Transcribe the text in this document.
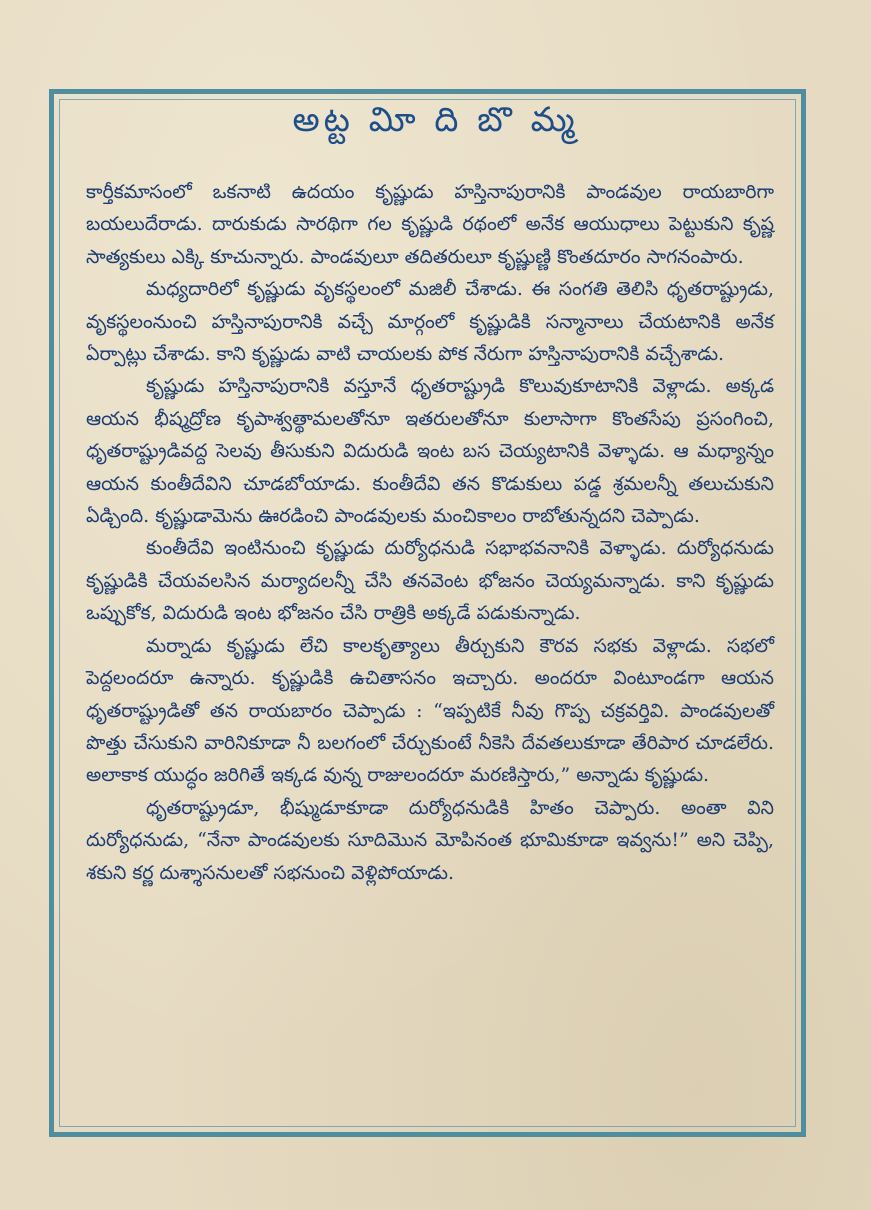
అట్ట విూ ది బొ మ్మ

కార్తీకమాసంలో ఒకనాటి ఉదయం కృష్ణుడు హస్తినాపురానికి పాండవుల రాయబారిగా బయలుదేరాడు. దారుకుడు సారథిగా గల కృష్ణుడి రథంలో అనేక ఆయుధాలు పెట్టుకుని కృష్ణ సాత్యకులు ఎక్కి కూచున్నారు. పాండవులూ తదితరులూ కృష్ణుణ్ణి కొంతదూరం సాగనంపారు.

మధ్యదారిలో కృష్ణుడు వృకస్థలంలో మజిలీ చేశాడు. ఈ సంగతి తెలిసి ధృతరాష్ట్రుడు, వృకస్థలంనుంచి హస్తినాపురానికి వచ్చే మార్గంలో కృష్ణుడికి సన్మానాలు చేయటానికి అనేక ఏర్పాట్లు చేశాడు. కాని కృష్ణుడు వాటి చాయలకు పోక నేరుగా హస్తినాపురానికి వచ్చేశాడు.

కృష్ణుడు హస్తినాపురానికి వస్తూనే ధృతరాష్ట్రుడి కొలువుకూటానికి వెళ్లాడు. అక్కడ ఆయన భీష్మద్రోణ కృపాశ్వత్థామలతోనూ ఇతరులతోనూ కులాసాగా కొంతసేపు ప్రసంగించి, ధృతరాష్ట్రుడివద్ద సెలవు తీసుకుని విదురుడి ఇంట బస చెయ్యటానికి వెళ్ళాడు. ఆ మధ్యాన్నం ఆయన కుంతీదేవిని చూడబోయాడు. కుంతీదేవి తన కొడుకులు పడ్డ శ్రమలన్నీ తలుచుకుని ఏడ్చింది. కృష్ణుడామెను ఊరడించి పాండవులకు మంచికాలం రాబోతున్నదని చెప్పాడు.

కుంతీదేవి ఇంటినుంచి కృష్ణుడు దుర్యోధనుడి సభాభవనానికి వెళ్ళాడు. దుర్యోధనుడు కృష్ణుడికి చేయవలసిన మర్యాదలన్నీ చేసి తనవెంట భోజనం చెయ్యమన్నాడు. కాని కృష్ణుడు ఒప్పుకోక, విదురుడి ఇంట భోజనం చేసి రాత్రికి అక్కడే పడుకున్నాడు.

మర్నాడు కృష్ణుడు లేచి కాలకృత్యాలు తీర్చుకుని కౌరవ సభకు వెళ్లాడు. సభలో పెద్దలందరూ ఉన్నారు. కృష్ణుడికి ఉచితాసనం ఇచ్చారు. అందరూ వింటూండగా ఆయన ధృతరాష్ట్రుడితో తన రాయబారం చెప్పాడు : “ఇప్పటికే నీవు గొప్ప చక్రవర్తివి. పాండవులతో పొత్తు చేసుకుని వారినికూడా నీ బలగంలో చేర్చుకుంటే నీకెసి దేవతలుకూడా తేరిపార చూడలేరు. అలాకాక యుద్ధం జరిగితే ఇక్కడ వున్న రాజులందరూ మరణిస్తారు,” అన్నాడు కృష్ణుడు.

ధృతరాష్ట్రుడూ, భీష్ముడూకూడా దుర్యోధనుడికి హితం చెప్పారు. అంతా విని దుర్యోధనుడు, “నేనా పాండవులకు సూదిమొన మోపినంత భూమికూడా ఇవ్వను!” అని చెప్పి, శకుని కర్ణ దుశ్శాసనులతో సభనుంచి వెళ్లిపోయాడు.
